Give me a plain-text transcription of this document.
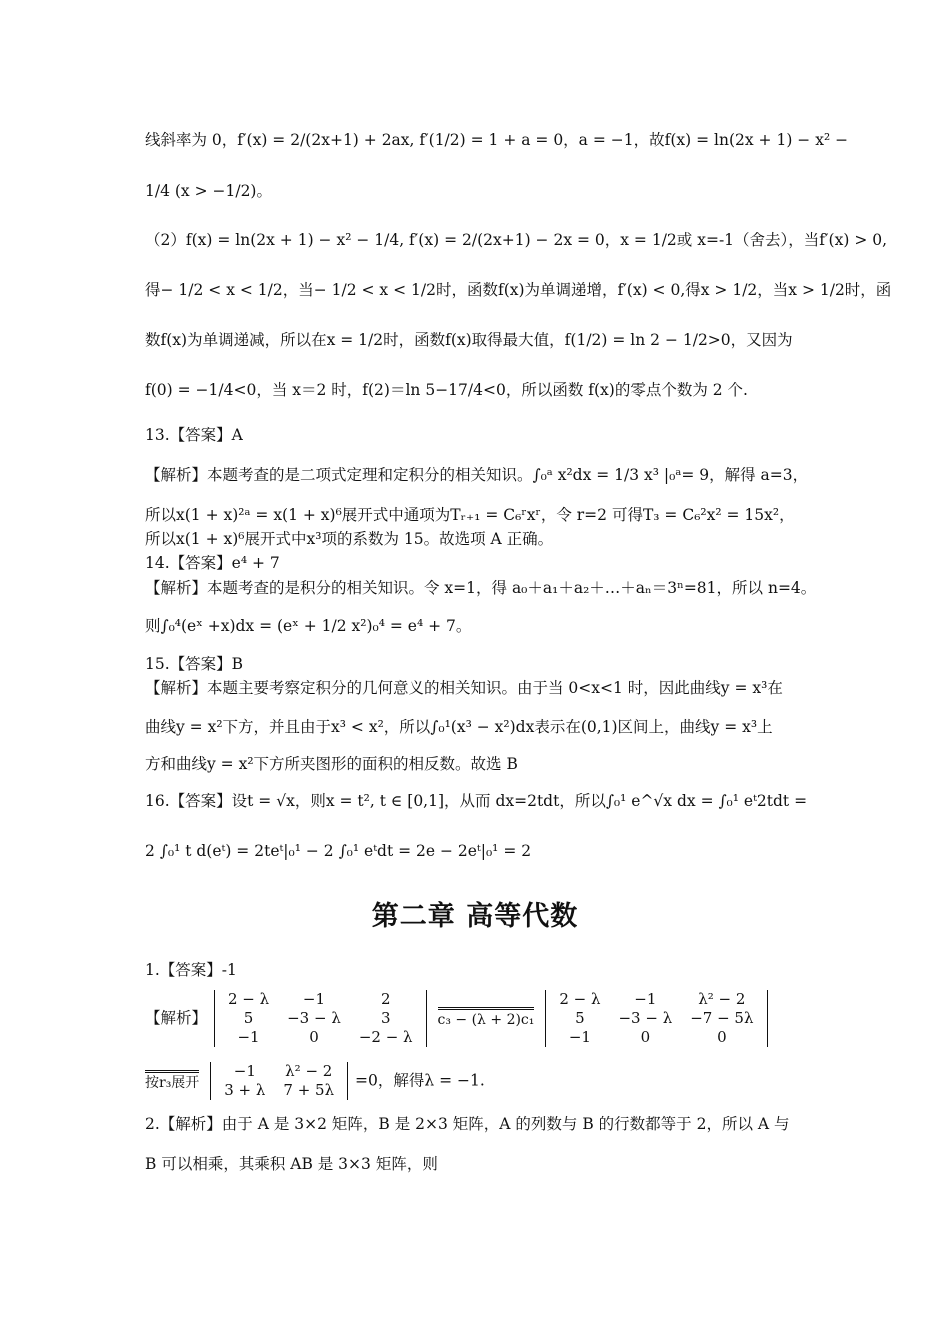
线斜率为 0，f′(x) = 2/(2x+1) + 2ax, f′(1/2) = 1 + a = 0，a = −1，故f(x) = ln(2x + 1) − x² −
1/4 (x > −1/2)。
（2）f(x) = ln(2x + 1) − x² − 1/4, f′(x) = 2/(2x+1) − 2x = 0，x = 1/2或 x=-1（舍去），当f′(x) > 0,
得− 1/2 < x < 1/2，当− 1/2 < x < 1/2时，函数f(x)为单调递增，f′(x) < 0,得x > 1/2，当x > 1/2时，函
数f(x)为单调递减，所以在x = 1/2时，函数f(x)取得最大值，f(1/2) = ln 2 − 1/2>0，又因为
f(0) = −1/4<0，当 x＝2 时，f(2)＝ln 5−17/4<0，所以函数 f(x)的零点个数为 2 个.
13.【答案】A
【解析】本题考查的是二项式定理和定积分的相关知识。∫₀ᵃ x²dx = 1/3 x³ |₀ᵃ= 9，解得 a=3，
所以x(1 + x)²ᵃ = x(1 + x)⁶展开式中通项为Tᵣ₊₁ = C₆ʳxʳ，令 r=2 可得T₃ = C₆²x² = 15x²，
所以x(1 + x)⁶展开式中x³项的系数为 15。故选项 A 正确。
14.【答案】e⁴ + 7
【解析】本题考查的是积分的相关知识。令 x=1，得 a₀＋a₁＋a₂＋…＋aₙ＝3ⁿ=81，所以 n=4。
则∫₀⁴(eˣ +x)dx = (eˣ + 1/2 x²)₀⁴ = e⁴ + 7。
15.【答案】B
【解析】本题主要考察定积分的几何意义的相关知识。由于当 0<x<1 时，因此曲线y = x³在
曲线y = x²下方，并且由于x³ < x²，所以∫₀¹(x³ − x²)dx表示在(0,1)区间上，曲线y = x³上
方和曲线y = x²下方所夹图形的面积的相反数。故选 B
16.【答案】设t = √x，则x = t², t ∈ [0,1]，从而 dx=2tdt，所以∫₀¹ e^√x dx = ∫₀¹ eᵗ2tdt =
2 ∫₀¹ t d(eᵗ) = 2teᵗ|₀¹ − 2 ∫₀¹ eᵗdt = 2e − 2eᵗ|₀¹ = 2
第二章 高等代数
1.【答案】-1
【解析】
2 − λ	−1	2
5	−3 − λ	3
−1	0	−2 − λ

c₃ − (λ + 2)c₁

2 − λ	−1	λ² − 2
5	−3 − λ	−7 − 5λ
−1	0	0
按r₃展开

−1	λ² − 2
3 + λ	7 + 5λ
=0，解得λ = −1.
2.【解析】由于 A 是 3×2 矩阵，B 是 2×3 矩阵，A 的列数与 B 的行数都等于 2，所以 A 与
B 可以相乘，其乘积 AB 是 3×3 矩阵，则
